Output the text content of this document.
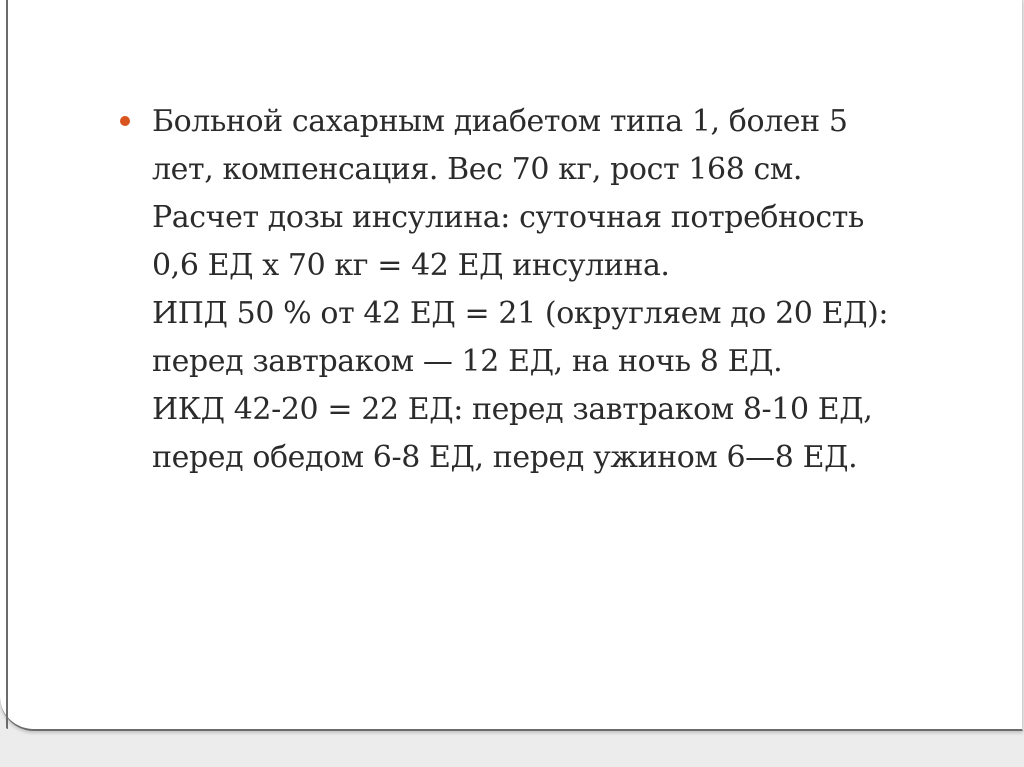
Больной сахарным диабетом типа 1, болен 5
лет, компенсация. Вес 70 кг, рост 168 см.
Расчет дозы инсулина: суточная потребность
0,6 ЕД х 70 кг = 42 ЕД инсулина.
ИПД 50 % от 42 ЕД = 21 (округляем до 20 ЕД):
перед завтраком — 12 ЕД, на ночь 8 ЕД.
ИКД 42-20 = 22 ЕД: перед завтраком 8-10 ЕД,
перед обедом 6-8 ЕД, перед ужином 6—8 ЕД.
